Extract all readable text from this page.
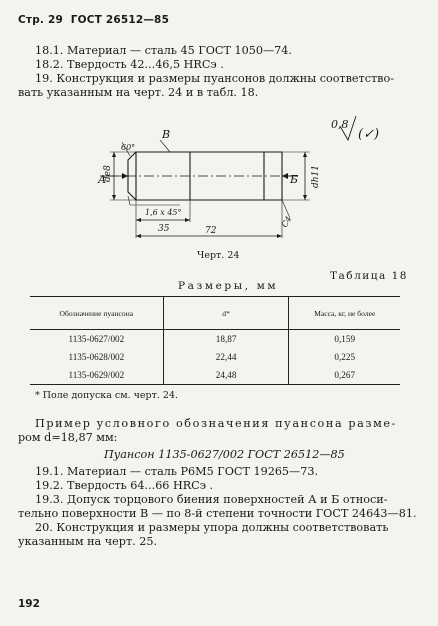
Стр. 29 ГОСТ 26512—85
18.1. Материал — сталь 45 ГОСТ 1050—74.
18.2. Твердость 42...46,5 HRCэ .
19. Конструкция и размеры пуансонов должны соответство-
вать указанным на черт. 24 и в табл. 18.
0,8
(✓)
В
А	Б
60°
1,6 x 45°
35	72
de8	dh11
С4
Черт. 24
Размеры, мм
Таблица 18
Обозначение пуансона	d*	Масса, кг, не более
1135-0627/002	18,87	0,159
1135-0628/002	22,44	0,225
1135-0629/002	24,48	0,267
* Поле допуска см. черт. 24.
Пример условного обозначения пуансона разме-
ром d=18,87 мм:
Пуансон 1135-0627/002 ГОСТ 26512—85
19.1. Материал — сталь Р6М5 ГОСТ 19265—73.
19.2. Твердость 64...66 HRCэ .
19.3. Допуск торцового биения поверхностей А и Б относи-
тельно поверхности В — по 8-й степени точности ГОСТ 24643—81.
20. Конструкция и размеры упора должны соответствовать
указанным на черт. 25.
192
